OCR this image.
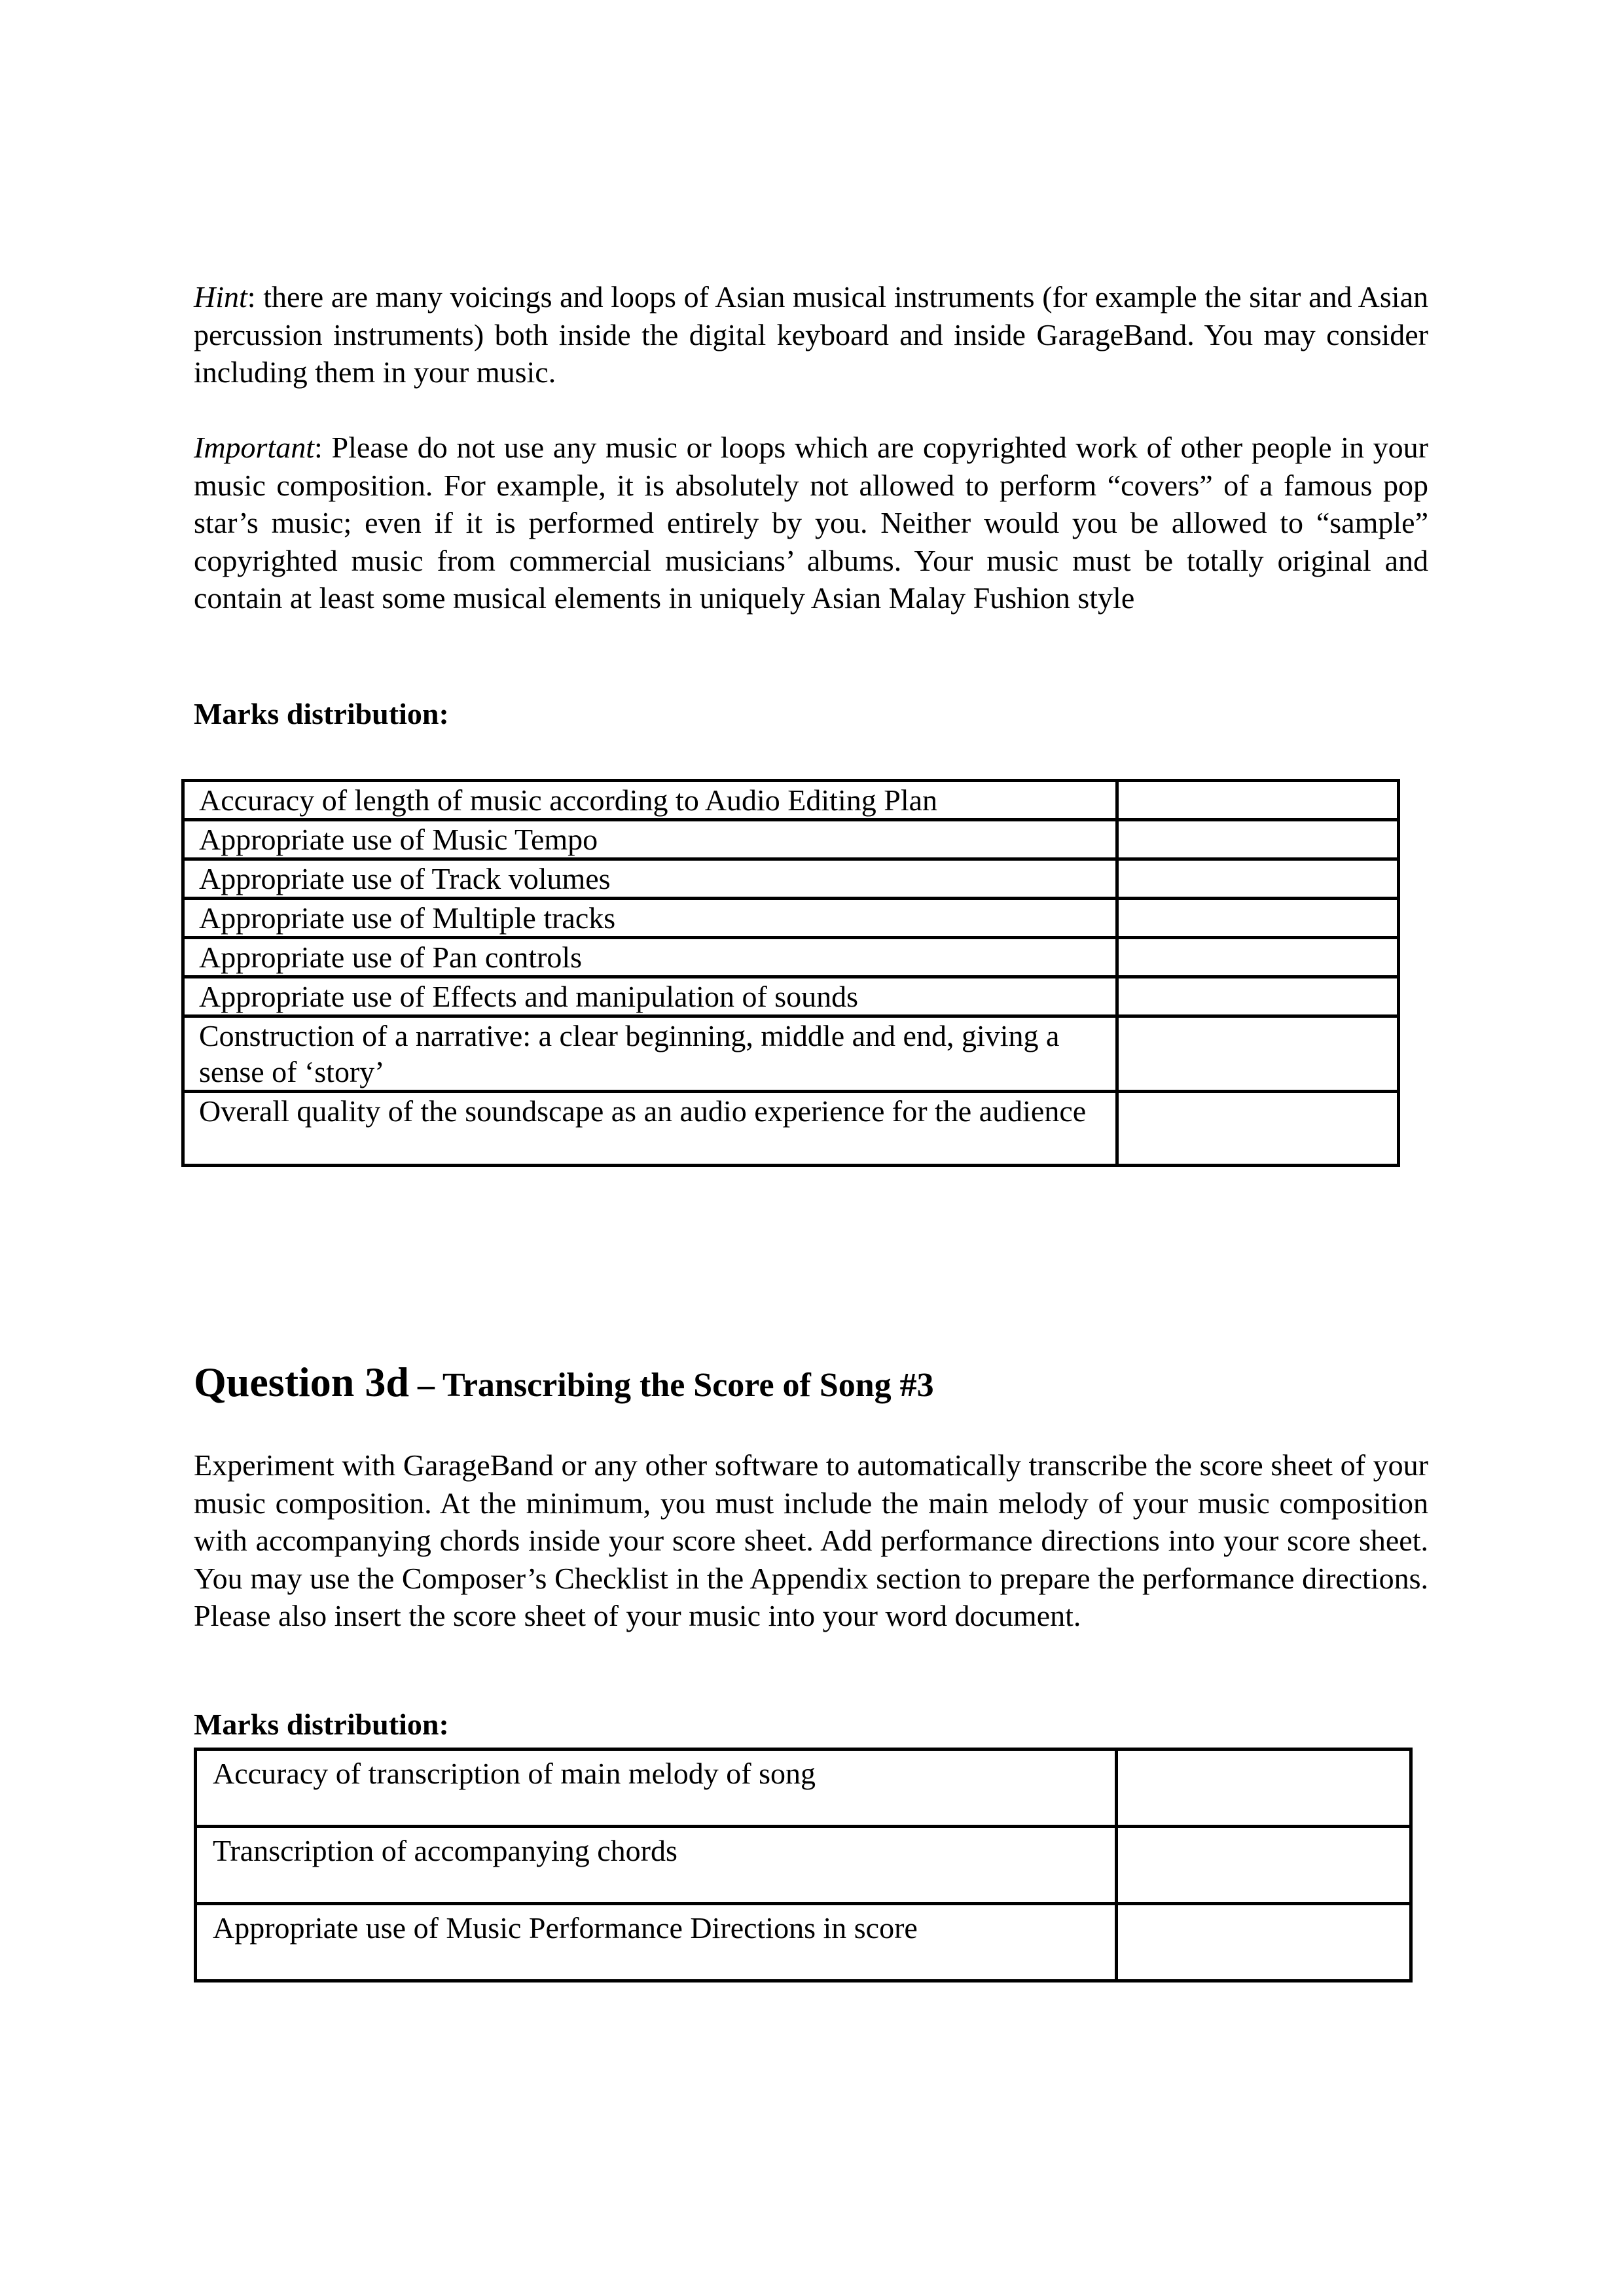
Hint: there are many voicings and loops of Asian musical instruments (for example the sitar and Asian percussion instruments) both inside the digital keyboard and inside GarageBand. You may consider including them in your music.

Important: Please do not use any music or loops which are copyrighted work of other people in your music composition. For example, it is absolutely not allowed to perform “covers” of a famous pop star’s music; even if it is performed entirely by you. Neither would you be allowed to “sample” copyrighted music from commercial musicians’ albums. Your music must be totally original and contain at least some musical elements in uniquely Asian Malay Fushion style

Marks distribution:

Accuracy of length of music according to Audio Editing Plan	
Appropriate use of Music Tempo	
Appropriate use of Track volumes	
Appropriate use of Multiple tracks	
Appropriate use of Pan controls	
Appropriate use of Effects and manipulation of sounds	
Construction of a narrative: a clear beginning, middle and end, giving a sense of ‘story’	
Overall quality of the soundscape as an audio experience for the audience	
Question 3d – Transcribing the Score of Song #3

Experiment with GarageBand or any other software to automatically transcribe the score sheet of your music composition. At the minimum, you must include the main melody of your music composition with accompanying chords inside your score sheet. Add performance directions into your score sheet. You may use the Composer’s Checklist in the Appendix section to prepare the performance directions. Please also insert the score sheet of your music into your word document.

Marks distribution:

Accuracy of transcription of main melody of song	
Transcription of accompanying chords	
Appropriate use of Music Performance Directions in score	
